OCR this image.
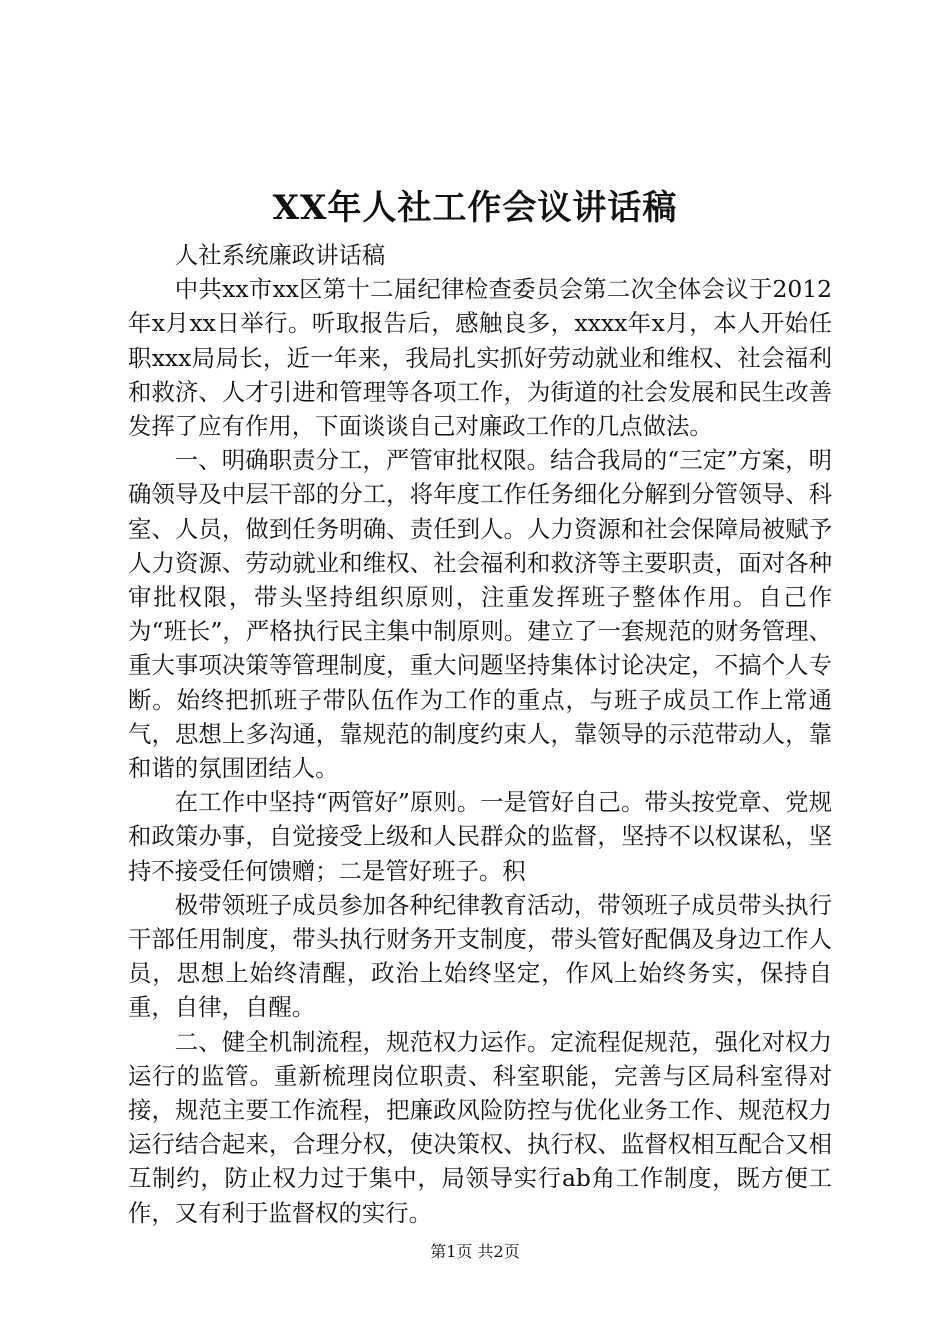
XX年人社工作会议讲话稿

人社系统廉政讲话稿

中共xx市xx区第十二届纪律检查委员会第二次全体会议于2012年x月xx日举行。听取报告后，感触良多，xxxx年x月，本人开始任职xxx局局长，近一年来，我局扎实抓好劳动就业和维权、社会福利和救济、人才引进和管理等各项工作，为街道的社会发展和民生改善发挥了应有作用，下面谈谈自己对廉政工作的几点做法。

一、明确职责分工，严管审批权限。结合我局的“三定”方案，明确领导及中层干部的分工，将年度工作任务细化分解到分管领导、科室、人员，做到任务明确、责任到人。人力资源和社会保障局被赋予人力资源、劳动就业和维权、社会福利和救济等主要职责，面对各种审批权限，带头坚持组织原则，注重发挥班子整体作用。自己作为“班长”，严格执行民主集中制原则。建立了一套规范的财务管理、重大事项决策等管理制度，重大问题坚持集体讨论决定，不搞个人专断。始终把抓班子带队伍作为工作的重点，与班子成员工作上常通气，思想上多沟通，靠规范的制度约束人，靠领导的示范带动人，靠和谐的氛围团结人。

在工作中坚持“两管好”原则。一是管好自己。带头按党章、党规和政策办事，自觉接受上级和人民群众的监督，坚持不以权谋私，坚持不接受任何馈赠；二是管好班子。积

极带领班子成员参加各种纪律教育活动，带领班子成员带头执行干部任用制度，带头执行财务开支制度，带头管好配偶及身边工作人员，思想上始终清醒，政治上始终坚定，作风上始终务实，保持自重，自律，自醒。

二、健全机制流程，规范权力运作。定流程促规范，强化对权力运行的监管。重新梳理岗位职责、科室职能，完善与区局科室得对接，规范主要工作流程，把廉政风险防控与优化业务工作、规范权力运行结合起来，合理分权，使决策权、执行权、监督权相互配合又相互制约，防止权力过于集中，局领导实行ab角工作制度，既方便工作，又有利于监督权的实行。

第1页 共2页
